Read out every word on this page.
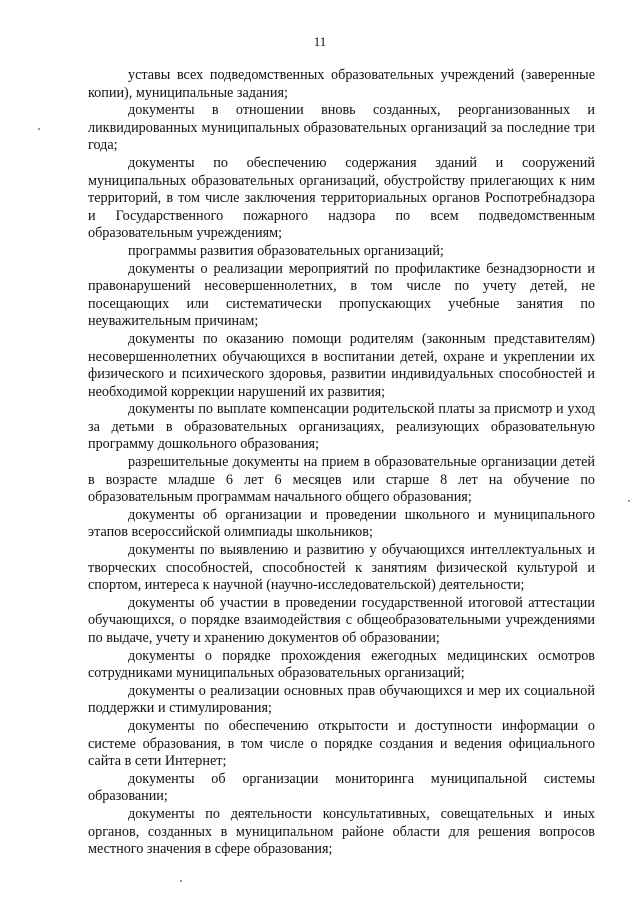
11

уставы всех подведомственных образовательных учреждений (заверенные копии), муниципальные задания;

документы в отношении вновь созданных, реорганизованных и ликвидированных муниципальных образовательных организаций за последние три года;

документы по обеспечению содержания зданий и сооружений муниципальных образовательных организаций, обустройству прилегающих к ним территорий, в том числе заключения территориальных органов Роспотребнадзора и Государственного пожарного надзора по всем подведомственным образовательным учреждениям;

программы развития образовательных организаций;

документы о реализации мероприятий по профилактике безнадзорности и правонарушений несовершеннолетних, в том числе по учету детей, не посещающих или систематически пропускающих учебные занятия по неуважительным причинам;

документы по оказанию помощи родителям (законным представителям) несовершеннолетних обучающихся в воспитании детей, охране и укреплении их физического и психического здоровья, развитии индивидуальных способностей и необходимой коррекции нарушений их развития;

документы по выплате компенсации родительской платы за присмотр и уход за детьми в образовательных организациях, реализующих образовательную программу дошкольного образования;

разрешительные документы на прием в образовательные организации детей в возрасте младше 6 лет 6 месяцев или старше 8 лет на обучение по образовательным программам начального общего образования;

документы об организации и проведении школьного и муниципального этапов всероссийской олимпиады школьников;

документы по выявлению и развитию у обучающихся интеллектуальных и творческих способностей, способностей к занятиям физической культурой и спортом, интереса к научной (научно-исследовательской) деятельности;

документы об участии в проведении государственной итоговой аттестации обучающихся, о порядке взаимодействия с общеобразовательными учреждениями по выдаче, учету и хранению документов об образовании;

документы о порядке прохождения ежегодных медицинских осмотров сотрудниками муниципальных образовательных организаций;

документы о реализации основных прав обучающихся и мер их социальной поддержки и стимулирования;

документы по обеспечению открытости и доступности информации о системе образования, в том числе о порядке создания и ведения официального сайта в сети Интернет;

документы об организации мониторинга муниципальной системы образовании;

документы по деятельности консультативных, совещательных и иных органов, созданных в муниципальном районе области для решения вопросов местного значения в сфере образования;
